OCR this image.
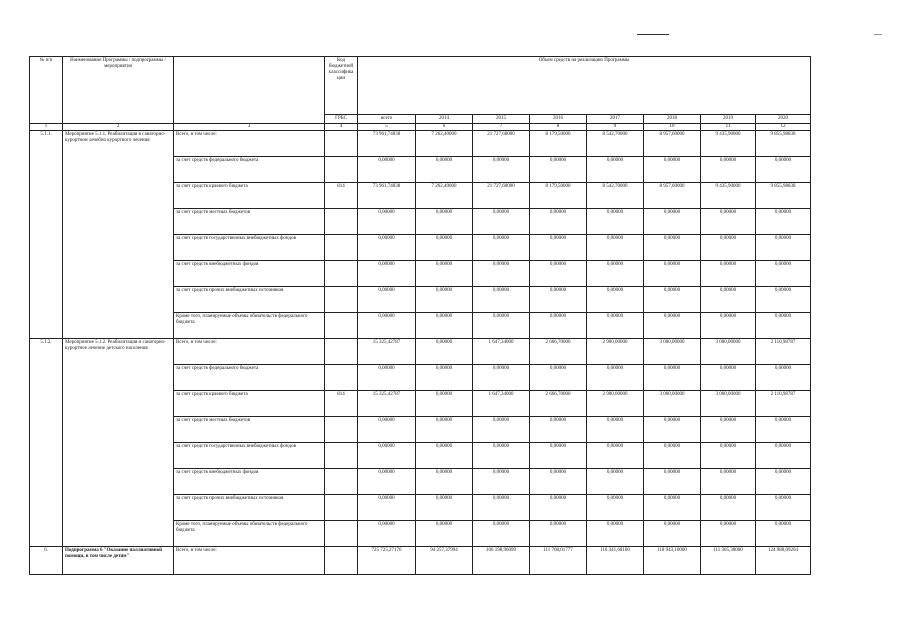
№ п/п	Наименование Программы / подпрограммы / мероприятия		Код бюджетной классифика ции	Объем средств на реализацию Программы							
			ГРБС	всего	2014	2015	2016	2017	2018	2019	2020
1	2	3	4	5	6	7	8	9	10	11	12
5.1.1.	Мероприятие 5.1.1. Реабилитация в санаторно-курортном лечебно курортного лечения	Всего, в том числе:		73 961,74838	7 262,40000	21 727,60000	8 179,50000	8 542,70000	8 957,60000	9 435,90000	9 855,98838
		за счет средств федерального бюджета		0,00000	0,00000	0,00000	0,00000	0,00000	0,00000	0,00000	0,00000
		за счет средств краевого бюджета	814	73 961,74838	7 262,40000	21 727,60000	8 179,50000	8 542,70000	8 957,60000	9 435,90000	9 855,98838
		за счет средств местных бюджетов		0,00000	0,00000	0,00000	0,00000	0,00000	0,00000	0,00000	0,00000
		за счет средств государственных внебюджетных фондов		0,00000	0,00000	0,00000	0,00000	0,00000	0,00000	0,00000	0,00000
		за счет средств внебюджетных фондов		0,00000	0,00000	0,00000	0,00000	0,00000	0,00000	0,00000	0,00000
		за счет средств прочих внебюджетных источников		0,00000	0,00000	0,00000	0,00000	0,00000	0,00000	0,00000	0,00000
		Кроме того, планируемые объемы обязательств федерального бюджета		0,00000	0,00000	0,00000	0,00000	0,00000	0,00000	0,00000	0,00000
5.1.2.	Мероприятие 5.1.2. Реабилитация и санаторно-курортное лечение детского населения	Всего, в том числе:		15 325,42787	0,00000	1 647,34000	2 666,70000	2 900,00000	3 000,00000	3 000,00000	2 110,98787
		за счет средств федерального бюджета		0,00000	0,00000	0,00000	0,00000	0,00000	0,00000	0,00000	0,00000
		за счет средств краевого бюджета	814	15 325,42787	0,00000	1 647,34000	2 666,70000	2 900,00000	3 000,00000	3 000,00000	2 110,98787
		за счет средств местных бюджетов		0,00000	0,00000	0,00000	0,00000	0,00000	0,00000	0,00000	0,00000
		за счет средств государственных внебюджетных фондов		0,00000	0,00000	0,00000	0,00000	0,00000	0,00000	0,00000	0,00000
		за счет средств внебюджетных фондов		0,00000	0,00000	0,00000	0,00000	0,00000	0,00000	0,00000	0,00000
		за счет средств прочих внебюджетных источников		0,00000	0,00000	0,00000	0,00000	0,00000	0,00000	0,00000	0,00000
		Кроме того, планируемые объемы обязательств федерального бюджета		0,00000	0,00000	0,00000	0,00000	0,00000	0,00000	0,00000	0,00000
6.	Подпрограмма 6 "Оказание паллиативной помощи, в том числе детям"	Всего, в том числе:		725 725,27176	94 257,37994	106 198,96099	111 708,01777	116 341,68100	118 943,10000	111 305,30000	124 980,09204
